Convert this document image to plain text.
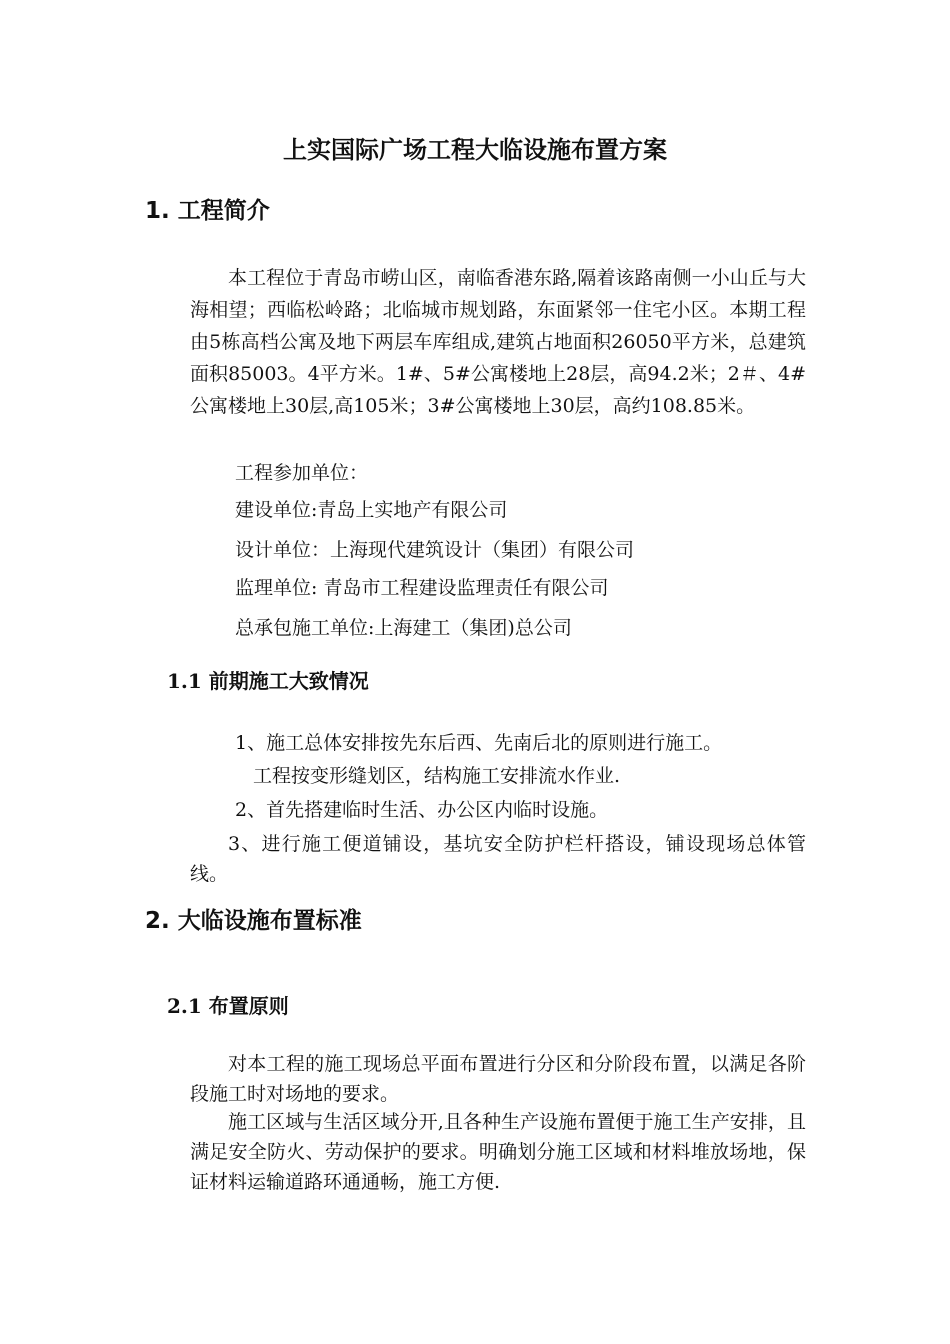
上实国际广场工程大临设施布置方案
1. 工程简介

本工程位于青岛市崂山区，南临香港东路,隔着该路南侧一小山丘与大海相望；西临松岭路；北临城市规划路，东面紧邻一住宅小区。本期工程由5栋高档公寓及地下两层车库组成,建筑占地面积26050平方米，总建筑面积85003。4平方米。1#、5#公寓楼地上28层，高94.2米；2＃、4#公寓楼地上30层,高105米；3#公寓楼地上30层，高约108.85米。

工程参加单位：

建设单位:青岛上实地产有限公司

设计单位：上海现代建筑设计（集团）有限公司

监理单位: 青岛市工程建设监理责任有限公司

总承包施工单位:上海建工（集团)总公司

1.1 前期施工大致情况

1、施工总体安排按先东后西、先南后北的原则进行施工。

工程按变形缝划区，结构施工安排流水作业.

2、首先搭建临时生活、办公区内临时设施。

3、进行施工便道铺设，基坑安全防护栏杆搭设，铺设现场总体管线。

2. 大临设施布置标准
2.1 布置原则

对本工程的施工现场总平面布置进行分区和分阶段布置，以满足各阶段施工时对场地的要求。

施工区域与生活区域分开,且各种生产设施布置便于施工生产安排，且满足安全防火、劳动保护的要求。明确划分施工区域和材料堆放场地，保证材料运输道路环通通畅，施工方便.
